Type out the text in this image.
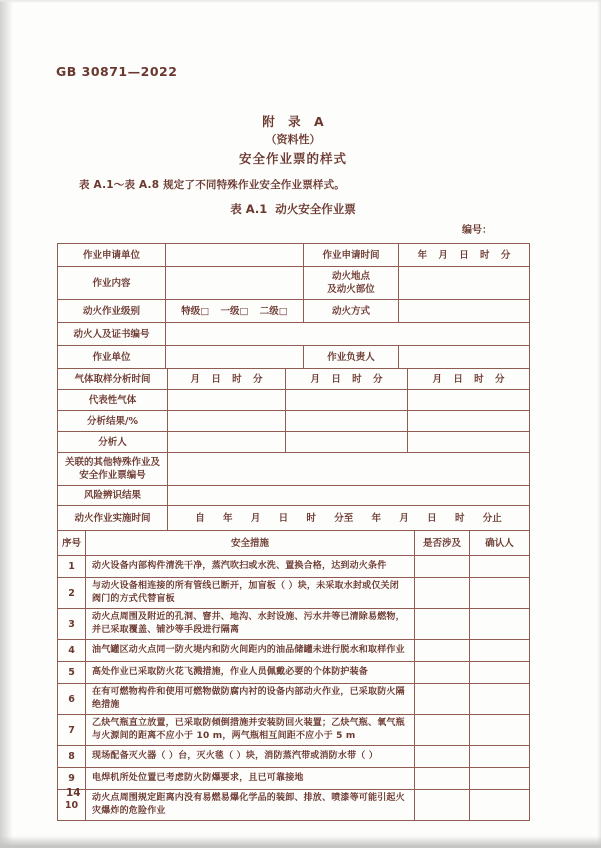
GB 30871—2022
附 录 A
（资料性）
安全作业票的样式
表 A.1～表 A.8 规定了不同特殊作业安全作业票样式。
表 A.1  动火安全作业票
编号：
作业申请单位		作业申请时间	年 月 日 时 分
作业内容		动火地点
及动火部位	

动火作业级别	特级□ 一级□ 二级□	动火方式	
动火人及证书编号			
作业单位		作业负责人	
气体取样分析时间	月 日 时 分	月 日 时 分	月 日 时 分
代表性气体			
分析结果/%			
分析人			

关联的其他特殊作业及
安全作业票编号			

风险辨识结果			
动火作业实施时间	自 年 月 日 时 分至 年 月 日 时 分止		
序号	安全措施	是否涉及	确认人
1	动火设备内部构件清洗干净，蒸汽吹扫或水洗、置换合格，达到动火条件		
2	与动火设备相连接的所有管线已断开，加盲板（ ）块，未采取水封或仅关闭阀门的方式代替盲板		
3	动火点周围及附近的孔洞、窨井、地沟、水封设施、污水井等已清除易燃物，并已采取覆盖、铺沙等手段进行隔离		
4	油气罐区动火点同一防火堤内和防火间距内的油品储罐未进行脱水和取样作业		
5	高处作业已采取防火花飞溅措施，作业人员佩戴必要的个体防护装备		
6	在有可燃物构件和使用可燃物做防腐内衬的设备内部动火作业，已采取防火隔绝措施		
7	乙炔气瓶直立放置，已采取防倾倒措施并安装防回火装置；乙炔气瓶、氧气瓶与火源间的距离不应小于 10 m，两气瓶相互间距不应小于 5 m		
8	现场配备灭火器（ ）台，灭火毯（ ）块，消防蒸汽带或消防水带（ ）		
9	电焊机所处位置已考虑防火防爆要求，且已可靠接地		
10	动火点周围规定距离内没有易燃易爆化学品的装卸、排放、喷漆等可能引起火灾爆炸的危险作业		
14
